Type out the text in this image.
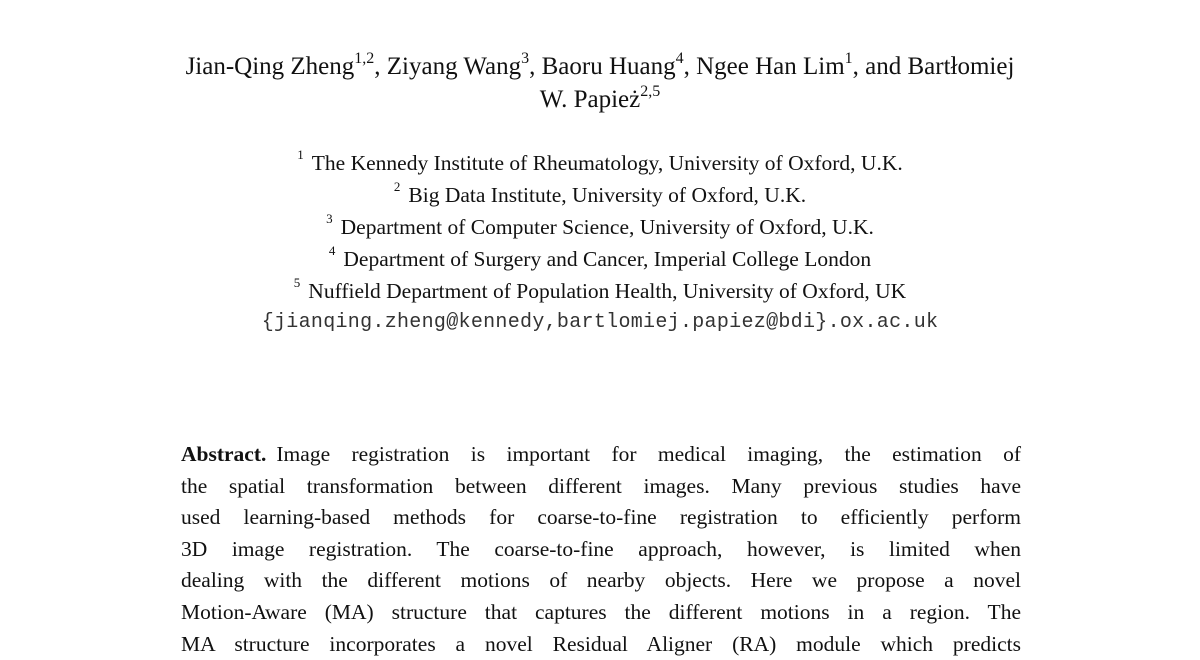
Jian-Qing Zheng$^{1,2}$, Ziyang Wang$^3$, Baoru Huang$^4$, Ngee Han Lim$^1$, and Bartłomiej
W. Papież$^{2,5}$
$^1$ The Kennedy Institute of Rheumatology, University of Oxford, U.K.
$^2$ Big Data Institute, University of Oxford, U.K.
$^3$ Department of Computer Science, University of Oxford, U.K.
$^4$ Department of Surgery and Cancer, Imperial College London
$^5$ Nuffield Department of Population Health, University of Oxford, UK
{jianqing.zheng@kennedy,bartlomiej.papiez@bdi}.ox.ac.uk
Abstract. Image registration is important for medical imaging, the estimation of
the spatial transformation between different images. Many previous studies have
used learning-based methods for coarse-to-fine registration to efficiently perform
3D image registration. The coarse-to-fine approach, however, is limited when
dealing with the different motions of nearby objects. Here we propose a novel
Motion-Aware (MA) structure that captures the different motions in a region. The
MA structure incorporates a novel Residual Aligner (RA) module which predicts
